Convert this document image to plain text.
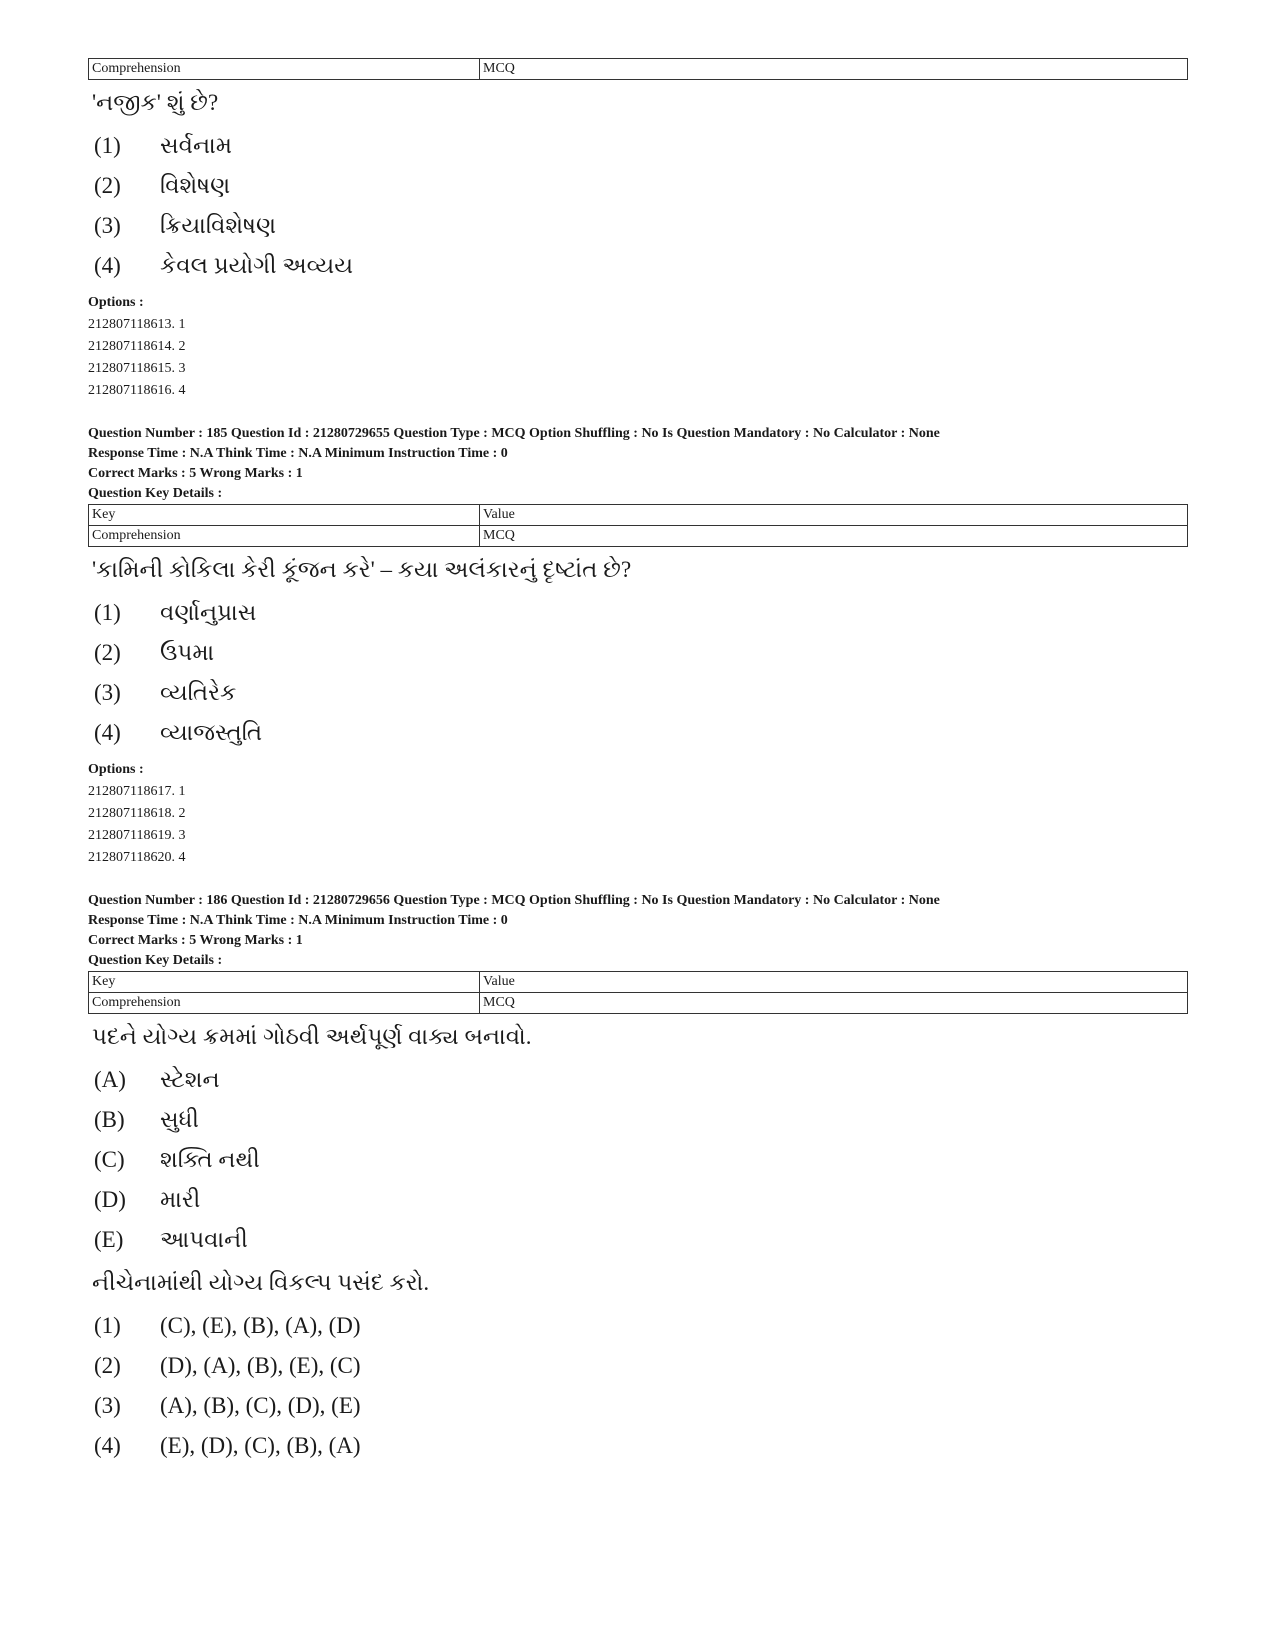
Comprehension	MCQ
'નજીક' શું છે?
(1)	સર્વનામ
(2)	વિશેષણ
(3)	ક્રિયાવિશેષણ
(4)	કેવલ પ્રયોગી અવ્યય
Options :
212807118613. 1
212807118614. 2
212807118615. 3
212807118616. 4
Question Number : 185 Question Id : 21280729655 Question Type : MCQ Option Shuffling : No Is Question Mandatory : No Calculator : None
Response Time : N.A Think Time : N.A Minimum Instruction Time : 0
Correct Marks : 5 Wrong Marks : 1
Question Key Details :
Key	Value
Comprehension	MCQ
'કામિની કોકિલા કેરી કૂંજન કરે' – કયા અલંકારનું દૃષ્ટાંત છે?
(1)	વર્ણાનુપ્રાસ
(2)	ઉપમા
(3)	વ્યતિરેક
(4)	વ્યાજસ્તુતિ
Options :
212807118617. 1
212807118618. 2
212807118619. 3
212807118620. 4
Question Number : 186 Question Id : 21280729656 Question Type : MCQ Option Shuffling : No Is Question Mandatory : No Calculator : None
Response Time : N.A Think Time : N.A Minimum Instruction Time : 0
Correct Marks : 5 Wrong Marks : 1
Question Key Details :
Key	Value
Comprehension	MCQ
પદને યોગ્ય ક્રમમાં ગોઠવી અર્થપૂર્ણ વાક્ય બનાવો.
(A)	સ્ટેશન
(B)	સુધી
(C)	શક્તિ નથી
(D)	મારી
(E)	આપવાની
નીચેનામાંથી યોગ્ય વિકલ્પ પસંદ કરો.
(1)	(C), (E), (B), (A), (D)
(2)	(D), (A), (B), (E), (C)
(3)	(A), (B), (C), (D), (E)
(4)	(E), (D), (C), (B), (A)
